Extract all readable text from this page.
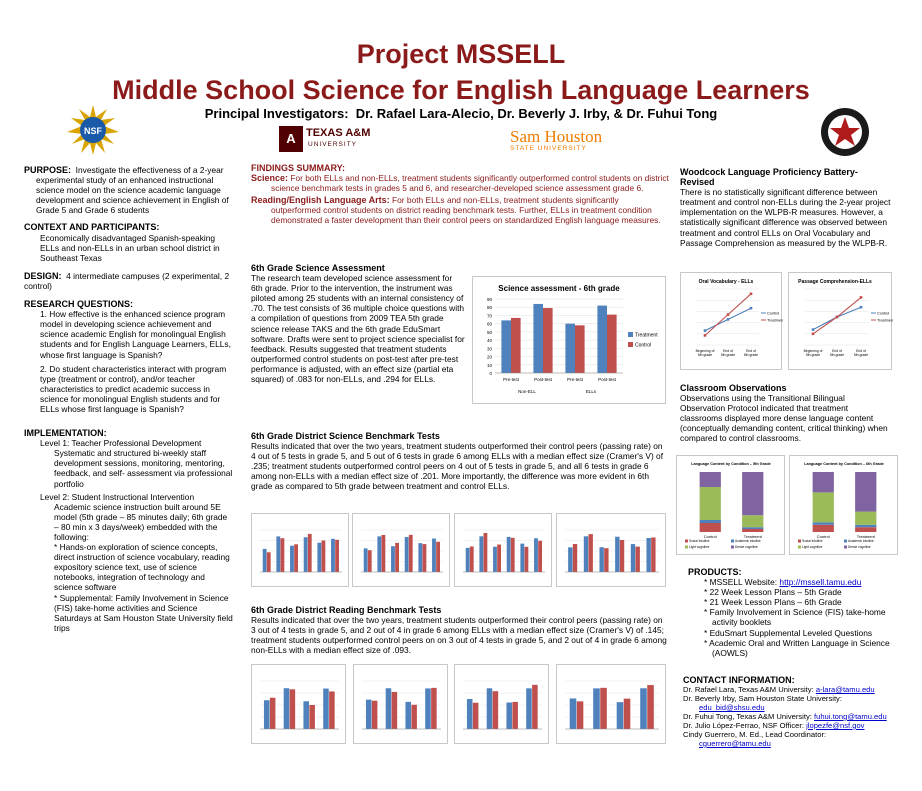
Project MSSELL
Middle School Science for English Language Learners
Principal Investigators: Dr. Rafael Lara-Alecio, Dr. Beverly J. Irby, & Dr. Fuhui Tong
NSF	A TEXAS A&M
UNIVERSITY	Sam Houston
STATE UNIVERSITY

PURPOSE: Investigate the effectiveness of a 2-year experimental study of an enhanced instructional science model on the science academic language development and science achievement in English of Grade 5 and Grade 6 students

CONTEXT AND PARTICIPANTS:

Economically disadvantaged Spanish-speaking ELLs and non-ELLs in an urban school district in Southeast Texas

DESIGN: 4 intermediate campuses (2 experimental, 2 control)

RESEARCH QUESTIONS:

1. How effective is the enhanced science program model in developing science achievement and science academic English for monolingual English students and for English Language Learners, ELLs, whose first language is Spanish?

2. Do student characteristics interact with program type (treatment or control), and/or teacher characteristics to predict academic success in science for monolingual English students and for ELLs whose first language is Spanish?

IMPLEMENTATION:

Level 1: Teacher Professional Development

Systematic and structured bi-weekly staff development sessions, monitoring, mentoring, feedback, and self- assessment via professional portfolio

Level 2: Student Instructional Intervention

Academic science instruction built around 5E model (5th grade – 85 minutes daily; 6th grade – 80 min x 3 days/week) embedded with the following:

* Hands-on exploration of science concepts, direct instruction of science vocabulary, reading expository science text, use of science notebooks, integration of technology and science software

* Supplemental: Family Involvement in Science (FIS) take-home activities and Science Saturdays at Sam Houston State University field trips

FINDINGS SUMMARY:

Science: For both ELLs and non-ELLs, treatment students significantly outperformed control students on district science benchmark tests in grades 5 and 6, and researcher-developed science assessment grade 6.

Reading/English Language Arts: For both ELLs and non-ELLs, treatment students significantly outperformed control students on district reading benchmark tests. Further, ELLs in treatment condition demonstrated a faster development than their control peers on standardized English language measures.

6th Grade Science Assessment

The research team developed science assessment for 6th grade. Prior to the intervention, the instrument was piloted among 25 students with an internal consistency of .70. The test consists of 36 multiple choice questions with a compilation of questions from 2009 TEA 5th grade science release TAKS and the 6th grade EduSmart software. Drafts were sent to project science specialist for feedback. Results suggested that treatment students outperformed control students on post-test after pre-test performance is adjusted, with an effect size (partial eta squared) of .083 for non-ELLs, and .294 for ELLs.

Science assessment - 6th grade
0
10
20
30
40
50
60
70
80
90
Pre-test	Post-test	Pre-test	Post-test
Non-ELL	ELLs
Treatment
Control

6th Grade District Science Benchmark Tests

Results indicated that over the two years, treatment students outperformed their control peers (passing rate) on 4 out of 5 tests in grade 5, and 5 out of 6 tests in grade 6 among ELLs with a median effect size (Cramer's V) of .235; treatment students outperformed control peers on 4 out of 5 tests in grade 5, and all 6 tests in grade 6 among non-ELLs with a median effect size of .201. More importantly, the difference was more evident in 6th grade as compared to 5th grade between treatment and control ELLs.

6th Grade District Reading Benchmark Tests

Results indicated that over the two years, treatment students outperformed their control peers (passing rate) on 3 out of 4 tests in grade 5, and 2 out of 4 in grade 6 among ELLs with a median effect size (Cramer's V) of .145; treatment students outperformed control peers on on 3 out of 4 tests in grade 5, and 2 out of 4 in grade 6 among non-ELLs with a median effect size of .093.

Woodcock Language Proficiency Battery-Revised

There is no statistically significant difference between treatment and control non-ELLs during the 2-year project implementation on the WLPB-R measures. However, a statistically significant difference was observed between treatment and control ELLs on Oral Vocabulary and Passage Comprehension as measured by the WLPB-R.

Oral Vocabulary - ELLs
Control
Treatment
Beginning of
5th grade
End of
5th grade
End of
6th grade
Passage Comprehension-ELLs
Control
Treatment
Beginning of
5th grade
End of
5th grade
End of
6th grade

Classroom Observations

Observations using the Transitional Bilingual Observation Protocol indicated that treatment classrooms displayed more dense language content (conceptually demanding content, critical thinking) when compared to control classrooms.

Language Content by Condition – 5th Grade
Control	Treatment
Social Intuitive	Academic intuitive
Light cognitive	Dense cognitive
Language Content by Condition – 6th Grade
Control	Treatment
Social Intuitive	Academic intuitive
Light cognitive	Dense cognitive

PRODUCTS:

* MSSELL Website: http://mssell.tamu.edu

* 22 Week Lesson Plans – 5th Grade

* 21 Week Lesson Plans – 6th Grade

* Family Involvement in Science (FIS) take-home activity booklets

* EduSmart Supplemental Leveled Questions

* Academic Oral and Written Language in Science (AOWLS)

CONTACT INFORMATION:

Dr. Rafael Lara, Texas A&M University: a-lara@tamu.edu

Dr. Beverly Irby, Sam Houston State University:

edu_bid@shsu.edu

Dr. Fuhui Tong, Texas A&M University: fuhui.tong@tamu.edu

Dr. Julio López-Ferrao, NSF Officer: jlopezfe@nsf.gov

Cindy Guerrero, M. Ed., Lead Coordinator:

cguerrero@tamu.edu
